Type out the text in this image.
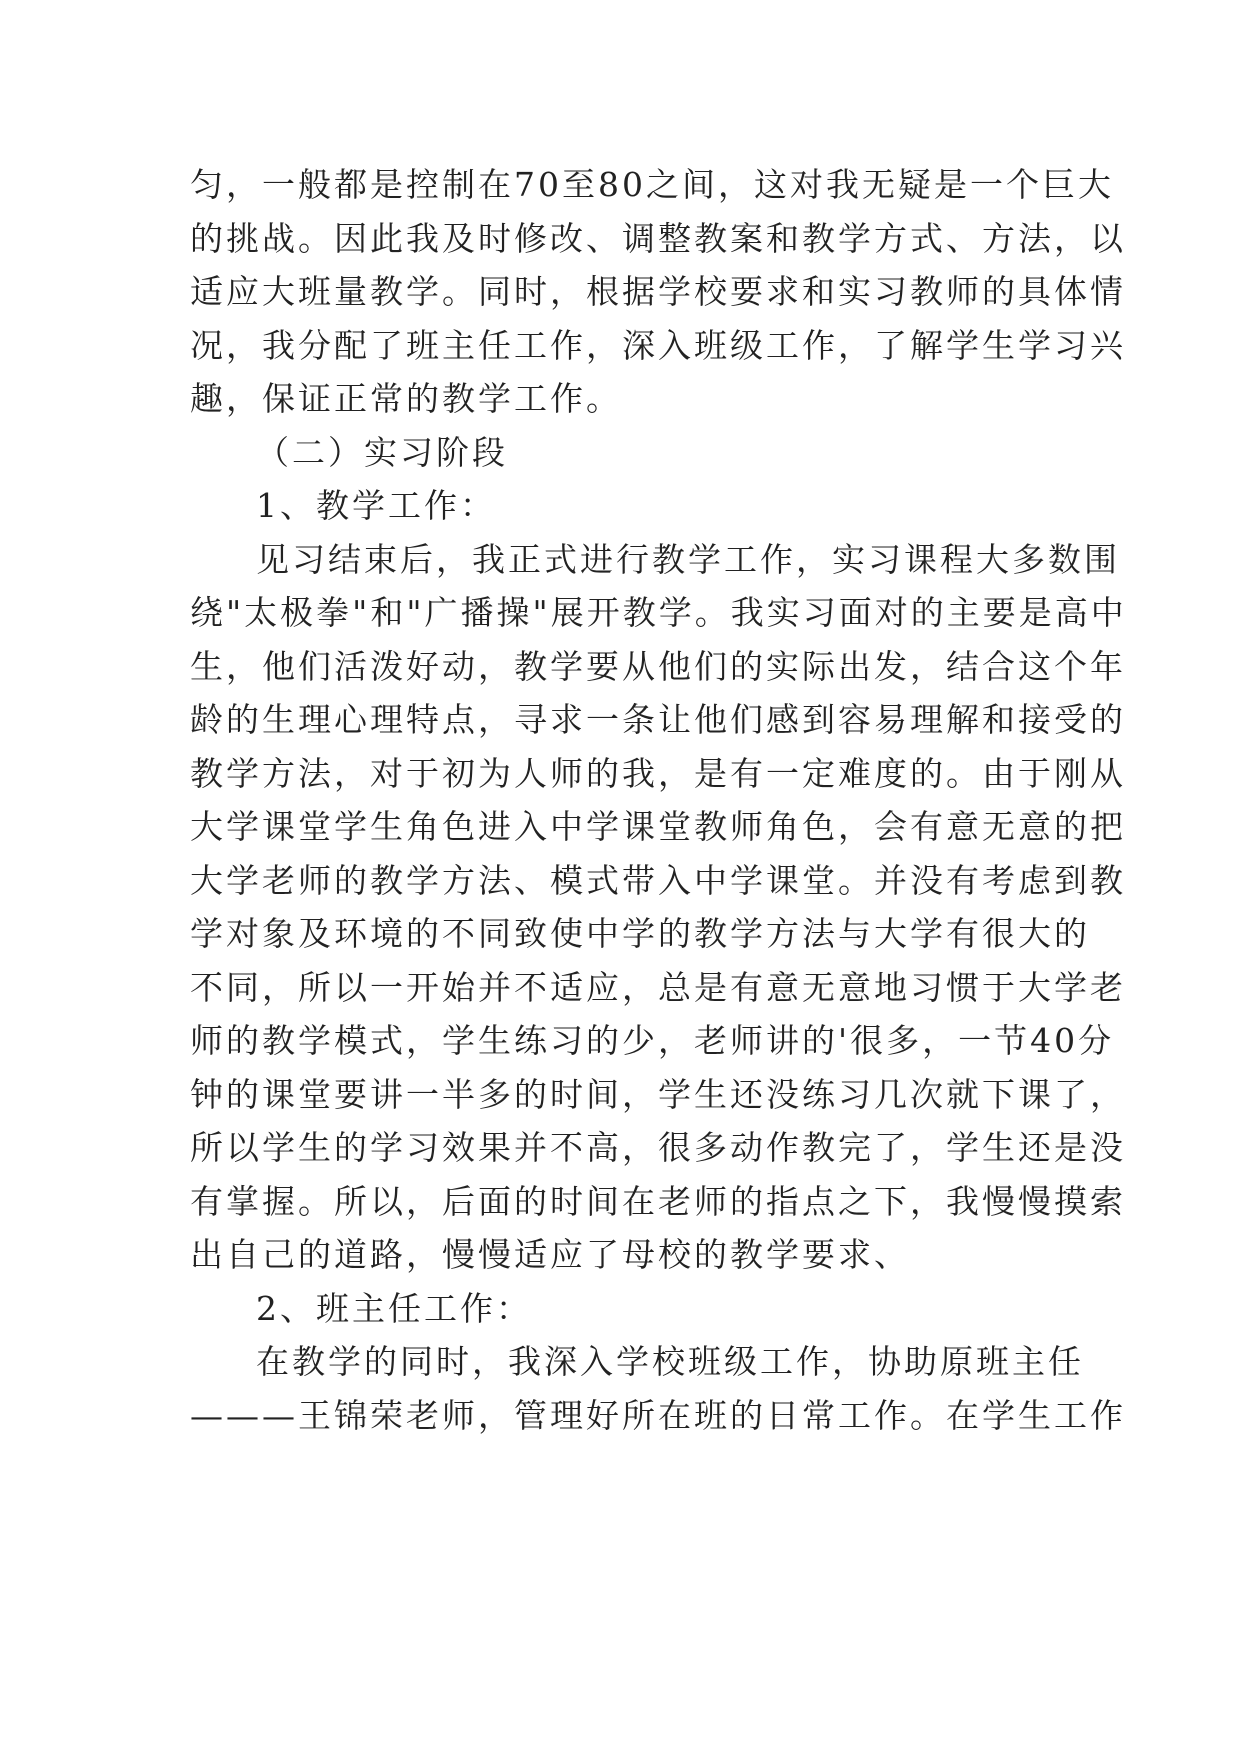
匀，一般都是控制在70至80之间，这对我无疑是一个巨大
的挑战。因此我及时修改、调整教案和教学方式、方法，以
适应大班量教学。同时，根据学校要求和实习教师的具体情
况，我分配了班主任工作，深入班级工作，了解学生学习兴
趣，保证正常的教学工作。
（二）实习阶段
1、教学工作：
见习结束后，我正式进行教学工作，实习课程大多数围
绕"太极拳"和"广播操"展开教学。我实习面对的主要是高中
生，他们活泼好动，教学要从他们的实际出发，结合这个年
龄的生理心理特点，寻求一条让他们感到容易理解和接受的
教学方法，对于初为人师的我，是有一定难度的。由于刚从
大学课堂学生角色进入中学课堂教师角色，会有意无意的把
大学老师的教学方法、模式带入中学课堂。并没有考虑到教
学对象及环境的不同致使中学的教学方法与大学有很大的
不同，所以一开始并不适应，总是有意无意地习惯于大学老
师的教学模式，学生练习的少，老师讲的'很多，一节40分
钟的课堂要讲一半多的时间，学生还没练习几次就下课了，
所以学生的学习效果并不高，很多动作教完了，学生还是没
有掌握。所以，后面的时间在老师的指点之下，我慢慢摸索
出自己的道路，慢慢适应了母校的教学要求、
2、班主任工作：
在教学的同时，我深入学校班级工作，协助原班主任
———王锦荣老师，管理好所在班的日常工作。在学生工作
